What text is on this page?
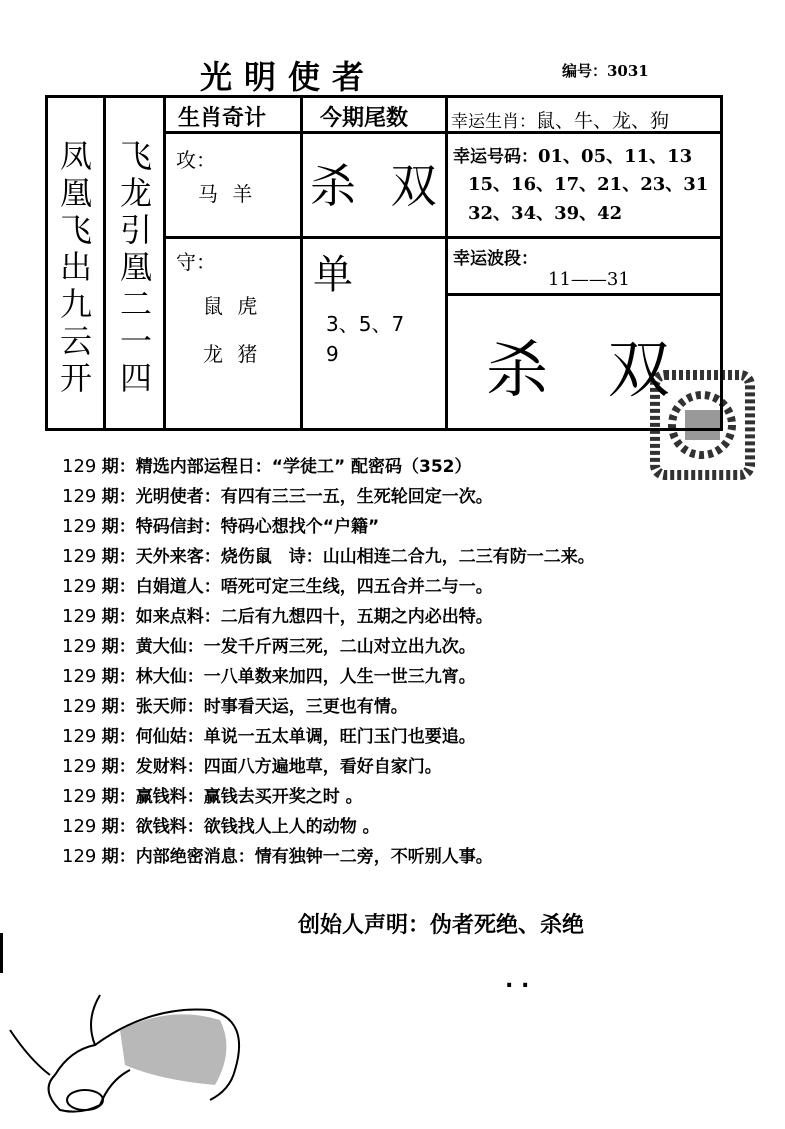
光明使者	编号：3031
凤凰飞出九云开
飞龙引凰二一四
生肖奇计 今期尾数
攻：
马 羊
守：
鼠 虎
龙 猪
杀 双
单
3、5、7
9
幸运生肖：鼠、牛、龙、狗
幸运号码：01、05、11、13
15、16、17、21、23、31
32、34、39、42
幸运波段：
11——31
杀 双
129 期：精选内部运程日：“学徒工” 配密码（352）
129 期：光明使者：有四有三三一五，生死轮回定一次。
129 期：特码信封：特码心想找个“户籍”
129 期：天外来客：烧伤鼠　诗：山山相连二合九，二三有防一二来。
129 期：白娟道人：唔死可定三生线，四五合并二与一。
129 期：如来点料：二后有九想四十，五期之内必出特。
129 期：黄大仙：一发千斤两三死，二山对立出九次。
129 期：林大仙：一八单数来加四，人生一世三九宵。
129 期：张天师：时事看天运，三更也有情。
129 期：何仙姑：单说一五太单调，旺门玉门也要追。
129 期：发财料：四面八方遍地草，看好自家门。
129 期：赢钱料：赢钱去买开奖之时 。
129 期：欲钱料：欲钱找人上人的动物 。
129 期：内部绝密消息：情有独钟一二旁，不听别人事。
创始人声明：伪者死绝、杀绝
. .
